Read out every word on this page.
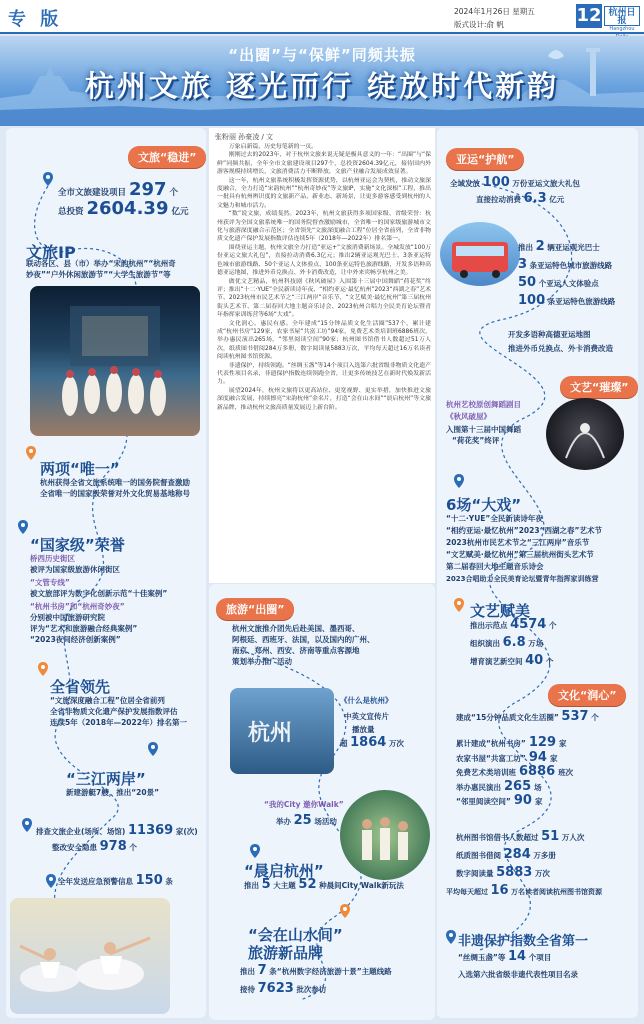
专 版	2024年1月26日 星期五
版式设计:俞 帆	12 杭州日报
Hangzhou
“出圈”与“保鲜”同频共振
杭州文旅 逐光而行 绽放时代新韵
文旅“稳进”
全市文旅建设项目 297 个
总投资 2604.39 亿元
文旅IP
联动各区、县（市）举办“宋韵杭州”“杭州奇
妙夜”“户外休闲旅游节”“大学生旅游节”等
两项“唯一”
杭州获得全省文旅系统唯一的国务院督查激励
全省唯一的国家级荣誉对外文化贸易基地称号
“国家级”荣誉
桥西历史街区
被评为国家级旅游休闲街区
“文管专线”
被文旅部评为数字化创新示范“十佳案例”
“杭州书房”和“杭州奇妙夜”
分别被中国旅游研究院
评为“艺术和旅游融合经典案例”
“2023夜间经济创新案例”
全省领先
“文旅深度融合工程”位居全省前列
全省非物质文化遗产保护发展指数评估
连续5年（2018年—2022年）排名第一
“三江两岸”
新建游艇7艘，推出“20景”
排查文旅企业(场所、场馆) 11369 家(次)
整改安全隐患 978 个
全年发送应急预警信息 150 条
张粉丽 孙豪凌 / 文

万象启新篇，历史每笔新的一页。

刚刚过去的2023年，对于杭州文旅来说无疑是极具意义的一年：“出圈”与“保鲜”同频共振，全年全市文旅建设项目297个，总投资2604.39亿元，接待国内外游客规模持续增长，文旅消费活力不断释放，文旅产业融合发展成效显著。

这一年，杭州文旅系统积极发挥资源优势，以杭州亚运会为契机，推动文旅深度融合，全力打造“宋韵杭州”“杭州奇妙夜”等文旅IP，实施“文化深根”工程，推出一批具有杭州辨识度的文旅新产品、新业态、新场景，让更多游客感受到杭州的人文魅力和城市活力。

“数”说文旅，成绩斐然。2023年，杭州文旅获得多项国家级、省级荣誉：杭州获评为全国文旅系统唯一的国务院督查激励城市，全省唯一的国家级旅游城市文化与旅游深度融合示范区；全省领先“文旅深度融合工程”位居全省前列，全省非物质文化遗产保护发展指数评估连续5年（2018年—2022年）排名第一。

围绕亚运主题，杭州文旅全力打造“亚运+”文旅消费新场景。全城发放“100万份亚运文旅大礼包”，直接拉动消费6.3亿元；推出2辆亚运观光巴士、3条亚运特色城市旅游线路、50个亚运人文体验点、100条亚运特色旅游线路，开发多语种高德亚运地图，推进外币兑换点、外卡消费改造，让中外来宾畅享杭州之美。

做优文艺精品，杭州科技剧《秋风破屋》入围第十三届中国舞蹈“荷花奖”终评；推出“十二·YUE”全民新读诗年夜、“相约亚运·最忆杭州”2023“西湖之春”艺术节、2023杭州市民艺术节之“三江两岸”音乐节、“文艺赋美·最忆杭州”第三届杭州街头艺术节、第二届春回大地主题音乐诗会、2023杭州合唱力全民美育论坛暨青年指挥家训练营等6场“大戏”。

文化润心，惠民有感。全年建成“15分钟品质文化生活圈”537个，累计建成“杭州书房”129家，农家书屋“共富工坊”94家，免费艺术类培训班6886班次，举办惠民演出265场，“邻里阅读空间”90家；杭州图书馆借书人数超过51万人次，纸质图书借阅284万多册，数字阅读量5883万次，平均每天超过16万名读者阅读杭州图书馆资源。

非遗保护，持续领跑。“丝绸玉盏”等14个项目入选第六批省级非物质文化遗产代表性项目名录，非遗保护指数连续领跑全省，让更多传统技艺在新时代焕发新活力。

展望2024年，杭州文旅将以更高站位、更宽视野、更实举措，加快推进文旅深度融合发展，持续擦亮“宋韵杭州”金名片，打造“会在山水间”“晨启杭州”等文旅新品牌，推动杭州文旅高质量发展迈上新台阶。

旅游“出圈”
杭州文旅推介团先后赴美国、墨西哥、
阿根廷、西班牙、法国，以及国内的广州、
南京、郑州、西安、济南等重点客源地
策划举办推广活动
杭州
《什么是杭州》
中英文宣传片
播放量
超 1864 万次
“我的City 邀你Walk”
举办 25 场活动
“晨启杭州”
推出 5 大主题 52 种晨间City Walk新玩法
“会在山水间”
旅游新品牌
推出 7 条“杭州数字经济旅游十景”主题线路
接待 7623 批次参访
亚运“护航”
全域发放 100 万份亚运文旅大礼包
直接拉动消费 6.3 亿元
推出 2 辆亚运观光巴士
3 条亚运特色城市旅游线路
50 个亚运人文体验点
100 条亚运特色旅游线路
开发多语种高德亚运地图
推进外币兑换点、外卡消费改造
文艺“璀璨”
杭州艺校原创舞蹈剧目
《秋风破屋》
入围第十三届中国舞蹈
“荷花奖”终评
6场“大戏”
“十二·YUE”全民新读诗年夜
“相约亚运·最忆杭州”2023“西湖之春”艺术节
2023杭州市民艺术节之“三江两岸”音乐节
“文艺赋美·最忆杭州”第三届杭州街头艺术节
第二届春回大地主题音乐诗会
2023合唱助力全民美育论坛暨青年指挥家训练营
文艺赋美
推出示范点 4574 个
组织演出 6.8 万场
增育演艺新空间 40 个
文化“润心”
建成“15分钟品质文化生活圈” 537 个
累计建成“杭州书房” 129 家
农家书屋“共富工坊” 94 家
免费艺术类培训班 6886 班次
举办惠民演出 265 场
“邻里阅读空间” 90 家
杭州图书馆借书人数超过 51 万人次
纸质图书借阅 284 万多册
数字阅读量 5883 万次
平均每天超过 16 万名读者阅读杭州图书馆资源
非遗保护指数全省第一
“丝绸玉盏”等 14 个项目
入选第六批省级非遗代表性项目名录
